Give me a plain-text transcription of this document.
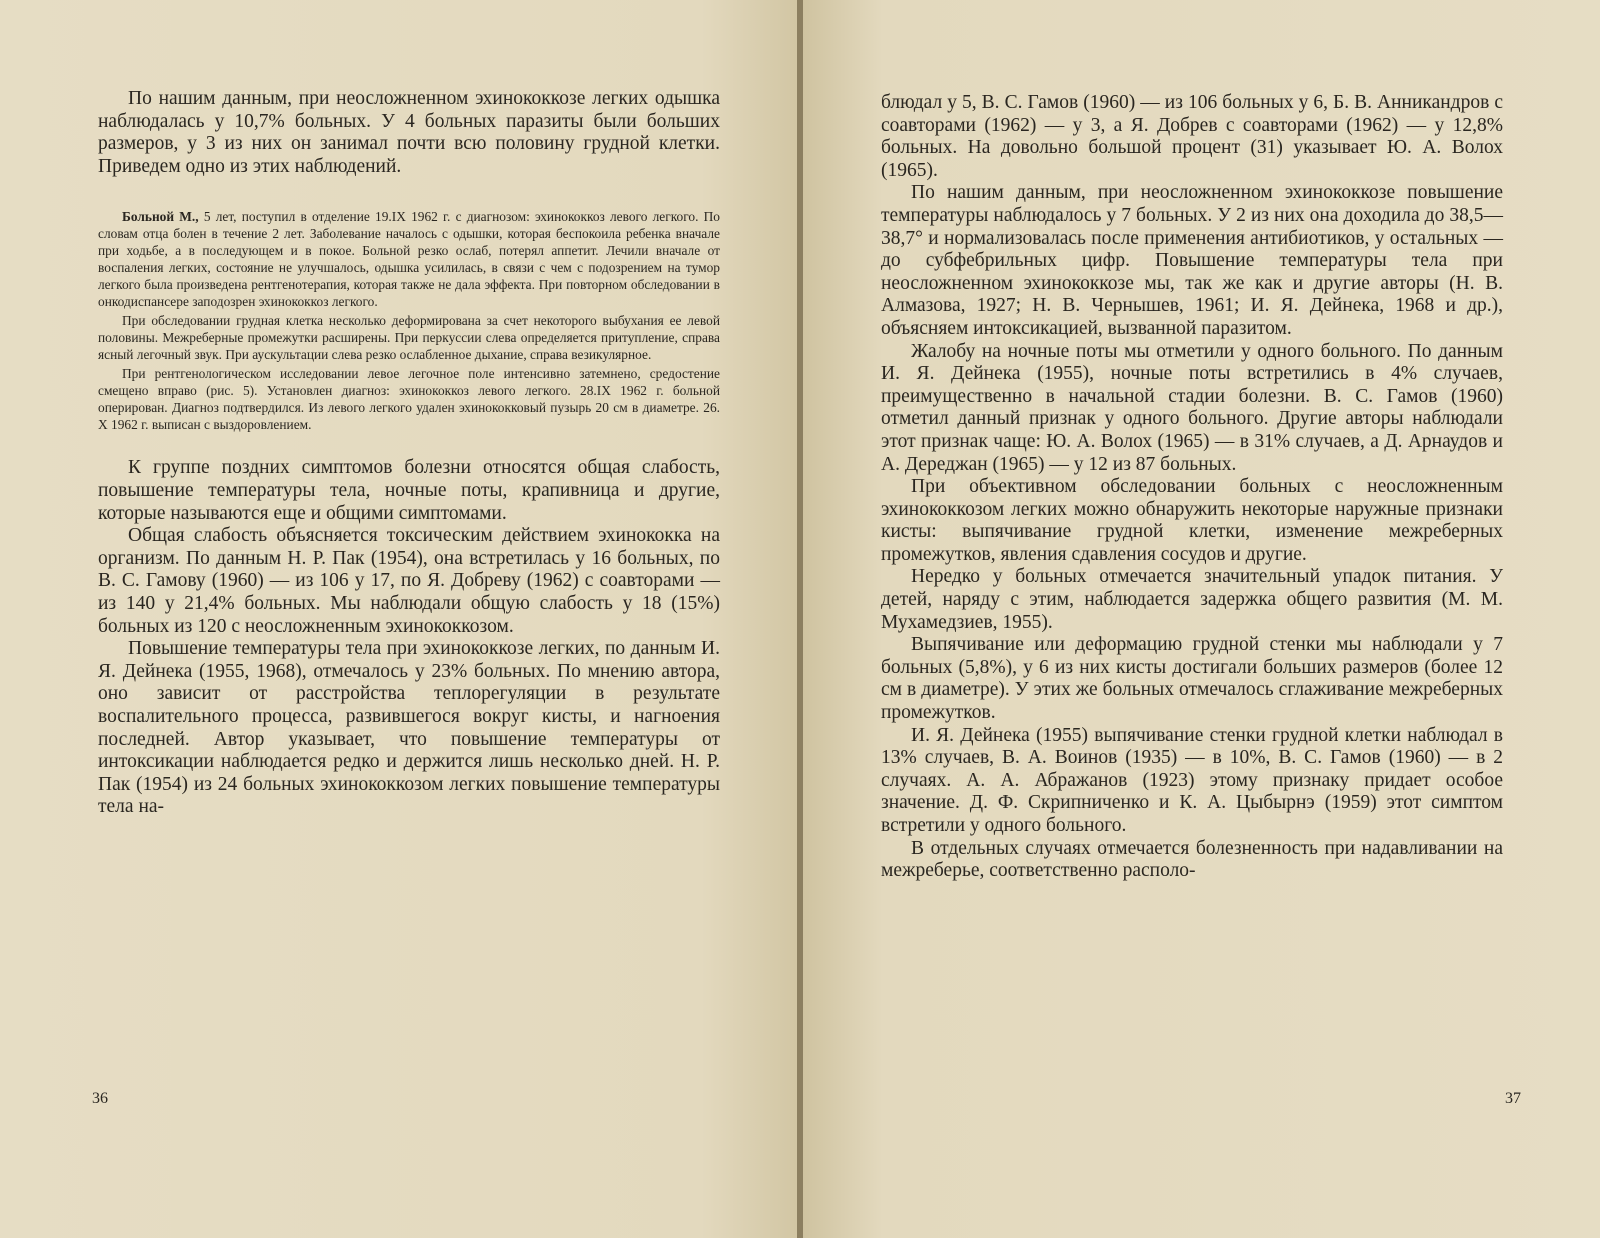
По нашим данным, при неосложненном эхинококкозе легких одышка наблюдалась у 10,7% больных. У 4 больных паразиты были больших размеров, у 3 из них он занимал почти всю половину грудной клетки. Приведем одно из этих наблюдений.

Больной М., 5 лет, поступил в отделение 19.IX 1962 г. с диагнозом: эхинококкоз левого легкого. По словам отца болен в течение 2 лет. Заболевание началось с одышки, которая беспокоила ребенка вначале при ходьбе, а в последующем и в покое. Больной резко ослаб, потерял аппетит. Лечили вначале от воспаления легких, состояние не улучшалось, одышка усилилась, в связи с чем с подозрением на тумор легкого была произведена рентгенотерапия, которая также не дала эффекта. При повторном обследовании в онкодиспансере заподозрен эхинококкоз легкого.

При обследовании грудная клетка несколько деформирована за счет некоторого выбухания ее левой половины. Межреберные промежутки расширены. При перкуссии слева определяется притупление, справа ясный легочный звук. При аускультации слева резко ослабленное дыхание, справа везикулярное.

При рентгенологическом исследовании левое легочное поле интенсивно затемнено, средостение смещено вправо (рис. 5). Установлен диагноз: эхинококкоз левого легкого. 28.IX 1962 г. больной оперирован. Диагноз подтвердился. Из левого легкого удален эхинококковый пузырь 20 см в диаметре. 26. X 1962 г. выписан с выздоровлением.

К группе поздних симптомов болезни относятся общая слабость, повышение температуры тела, ночные поты, крапивница и другие, которые называются еще и общими симптомами.

Общая слабость объясняется токсическим действием эхинококка на организм. По данным Н. Р. Пак (1954), она встретилась у 16 больных, по В. С. Гамову (1960) — из 106 у 17, по Я. Добреву (1962) с соавторами — из 140 у 21,4% больных. Мы наблюдали общую слабость у 18 (15%) больных из 120 с неосложненным эхинококкозом.

Повышение температуры тела при эхинококкозе легких, по данным И. Я. Дейнека (1955, 1968), отмечалось у 23% больных. По мнению автора, оно зависит от расстройства теплорегуляции в результате воспалительного процесса, развившегося вокруг кисты, и нагноения последней. Автор указывает, что повышение температуры от интоксикации наблюдается редко и держится лишь несколько дней. Н. Р. Пак (1954) из 24 больных эхинококкозом легких повышение температуры тела на-

36

блюдал у 5, В. С. Гамов (1960) — из 106 больных у 6, Б. В. Анникандров с соавторами (1962) — у 3, а Я. Добрев с соавторами (1962) — у 12,8% больных. На довольно большой процент (31) указывает Ю. А. Волох (1965).

По нашим данным, при неосложненном эхинококкозе повышение температуры наблюдалось у 7 больных. У 2 из них она доходила до 38,5—38,7° и нормализовалась после применения антибиотиков, у остальных — до субфебрильных цифр. Повышение температуры тела при неосложненном эхинококкозе мы, так же как и другие авторы (Н. В. Алмазова, 1927; Н. В. Чернышев, 1961; И. Я. Дейнека, 1968 и др.), объясняем интоксикацией, вызванной паразитом.

Жалобу на ночные поты мы отметили у одного больного. По данным И. Я. Дейнека (1955), ночные поты встретились в 4% случаев, преимущественно в начальной стадии болезни. В. С. Гамов (1960) отметил данный признак у одного больного. Другие авторы наблюдали этот признак чаще: Ю. А. Волох (1965) — в 31% случаев, а Д. Арнаудов и А. Дереджан (1965) — у 12 из 87 больных.

При объективном обследовании больных с неосложненным эхинококкозом легких можно обнаружить некоторые наружные признаки кисты: выпячивание грудной клетки, изменение межреберных промежутков, явления сдавления сосудов и другие.

Нередко у больных отмечается значительный упадок питания. У детей, наряду с этим, наблюдается задержка общего развития (М. М. Мухамедзиев, 1955).

Выпячивание или деформацию грудной стенки мы наблюдали у 7 больных (5,8%), у 6 из них кисты достигали больших размеров (более 12 см в диаметре). У этих же больных отмечалось сглаживание межреберных промежутков.

И. Я. Дейнека (1955) выпячивание стенки грудной клетки наблюдал в 13% случаев, В. А. Воинов (1935) — в 10%, В. С. Гамов (1960) — в 2 случаях. А. А. Абражанов (1923) этому признаку придает особое значение. Д. Ф. Скрипниченко и К. А. Цыбырнэ (1959) этот симптом встретили у одного больного.

В отдельных случаях отмечается болезненность при надавливании на межреберье, соответственно располо-

37
